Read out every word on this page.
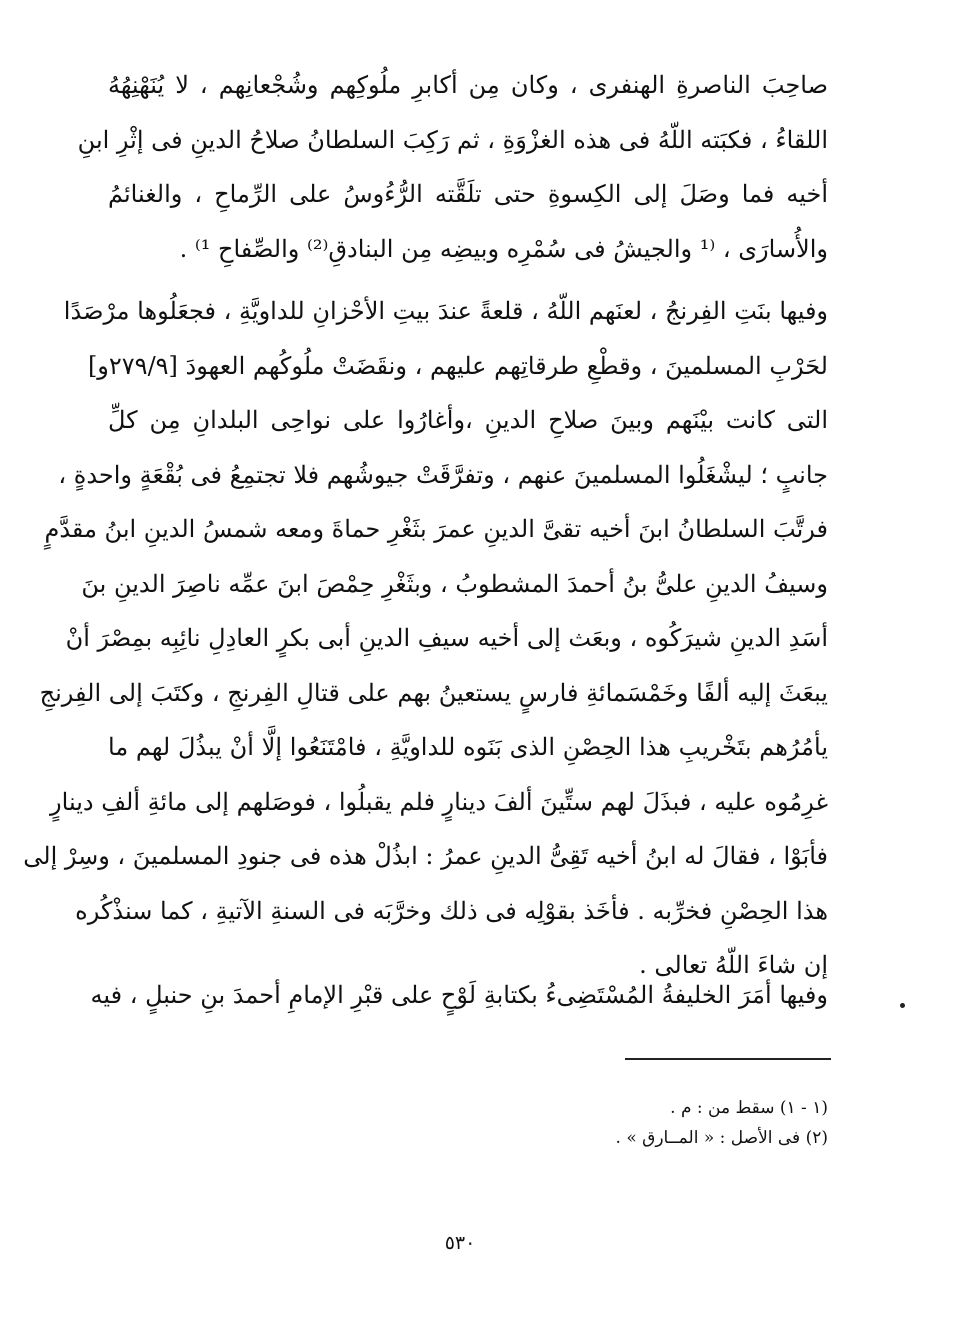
صاحِبَ الناصرةِ الهنفرى ، وكان مِن أكابرِ ملُوكِهم وشُجْعانِهم ، لا يُنَهْنِهُهُ
اللقاءُ ، فكبَته اللّهُ فى هذه الغزْوَةِ ، ثم رَكِبَ السلطانُ صلاحُ الدينِ فى إثْرِ ابنِ
أخيه فما وصَلَ إلى الكِسوةِ حتى تلَقَّته الرُّءُوسُ على الرِّماحِ ، والغنائمُ
والأُسارَى ، ⁽¹ والجيشُ فى سُمْرِه وبيضِه مِن البنادقِ⁽²⁾ والصِّفاحِ ¹⁾ .
وفيها بنَتِ الفِرنجُ ، لعنَهم اللّهُ ، قلعةً عندَ بيتِ الأحْزانِ للداويَّةِ ، فجعَلُوها مرْصَدًا
لحَرْبِ المسلمينَ ، وقطْعِ طرقاتِهم عليهم ، ونقَضَتْ ملُوكُهم العهودَ [٢٧٩/٩و]
التى كانت بيْنَهم وبينَ صلاحِ الدينِ ،وأغارُوا على نواحِى البلدانِ مِن كلِّ
جانبٍ ؛ ليشْغَلُوا المسلمينَ عنهم ، وتفرَّقَتْ جيوشُهم فلا تجتمِعُ فى بُقْعَةٍ واحدةٍ ،
فرتَّبَ السلطانُ ابنَ أخيه تقىَّ الدينِ عمرَ بثَغْرِ حماةَ ومعه شمسُ الدينِ ابنُ مقدَّمٍ
وسيفُ الدينِ علىُّ بنُ أحمدَ المشطوبُ ، وبثَغْرِ حِمْصَ ابنَ عمِّه ناصِرَ الدينِ بنَ
أسَدِ الدينِ شيرَكُوه ، وبعَث إلى أخيه سيفِ الدينِ أبى بكرٍ العادِلِ نائِبِه بمِصْرَ أنْ
يبعَثَ إليه ألفًا وخَمْسَمائةِ فارسٍ يستعينُ بهم على قتالِ الفِرنجِ ، وكتَبَ إلى الفِرنجِ
يأمُرُهم بتَخْريبِ هذا الحِصْنِ الذى بَنَوه للداويَّةِ ، فامْتَنَعُوا إلَّا أنْ يبذُلَ لهم ما
غرِمُوه عليه ، فبذَلَ لهم ستِّينَ ألفَ دينارٍ فلم يقبلُوا ، فوصَلهم إلى مائةِ ألفِ دينارٍ
فأبَوْا ، فقالَ له ابنُ أخيه تَقِىُّ الدينِ عمرُ : ابذُلْ هذه فى جنودِ المسلمينَ ، وسِرْ إلى
هذا الحِصْنِ فخرِّبه . فأخَذ بقوْلِه فى ذلك وخرَّبَه فى السنةِ الآتيةِ ، كما سنذْكُره
إن شاءَ اللّهُ تعالى .
وفيها أمَرَ الخليفةُ المُسْتَضِىءُ بكتابةِ لَوْحٍ على قبْرِ الإمامِ أحمدَ بنِ حنبلٍ ، فيه
(١ - ١) سقط من : م .
(٢) فى الأصل : « المــارق » .
٥٣٠
